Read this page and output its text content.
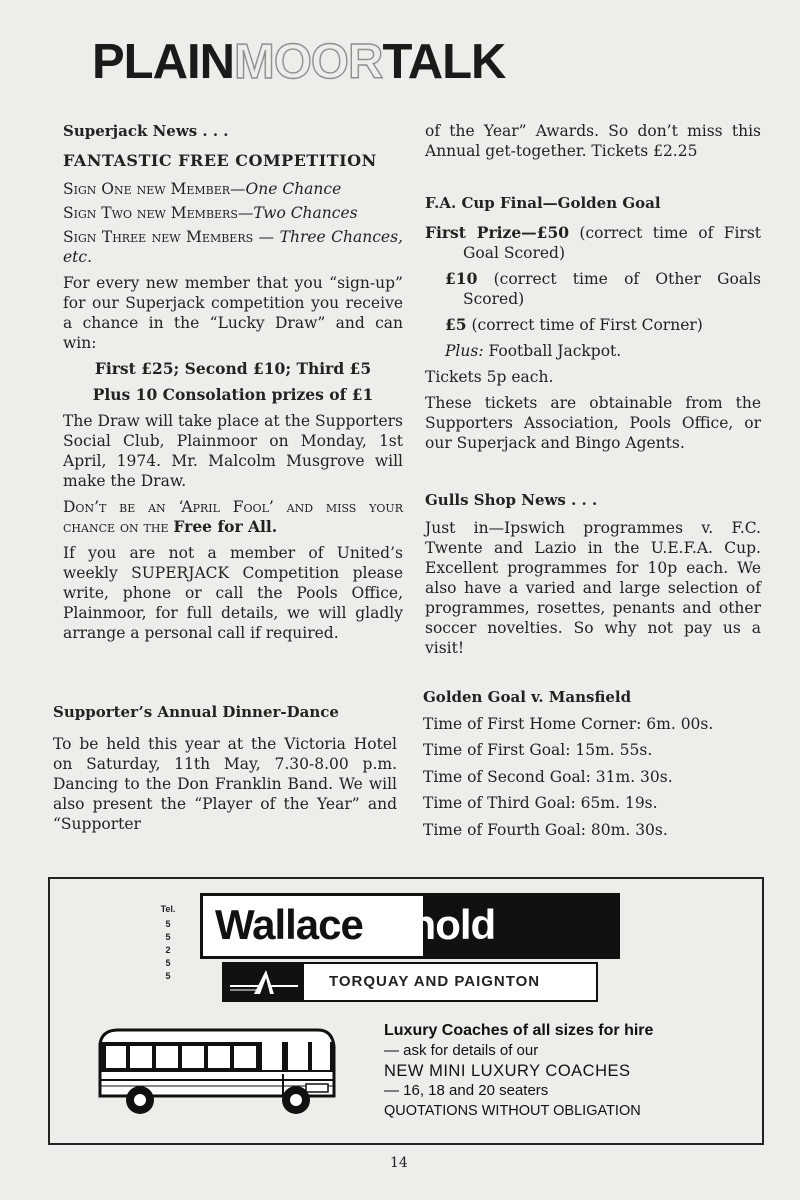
PLAINMOORTALK

Superjack News . . .

FANTASTIC FREE COMPETITION

Sign One new Member—One Chance

Sign Two new Members—Two Chances

Sign Three new Members — Three Chances, etc.

For every new member that you “sign-up” for our Superjack competition you receive a chance in the “Lucky Draw” and can win:

First £25; Second £10; Third £5

Plus 10 Consolation prizes of £1

The Draw will take place at the Supporters Social Club, Plainmoor on Monday, 1st April, 1974. Mr. Malcolm Musgrove will make the Draw.

Don’t be an ‘April Fool’ and miss your chance on the Free for All.

If you are not a member of United’s weekly SUPERJACK Competition please write, phone or call the Pools Office, Plainmoor, for full details, we will gladly arrange a personal call if required.

Supporter’s Annual Dinner-Dance

To be held this year at the Victoria Hotel on Saturday, 11th May, 7.30-8.00 p.m. Dancing to the Don Franklin Band. We will also present the “Player of the Year” and “Supporter

of the Year” Awards. So don’t miss this Annual get-together. Tickets £2.25

F.A. Cup Final—Golden Goal

First Prize—£50 (correct time of First Goal Scored)

£10 (correct time of Other Goals Scored)

£5 (correct time of First Corner)

Plus: Football Jackpot.

Tickets 5p each.

These tickets are obtainable from the Supporters Association, Pools Office, or our Superjack and Bingo Agents.

Gulls Shop News . . .

Just in—Ipswich programmes v. F.C. Twente and Lazio in the U.E.F.A. Cup. Excellent programmes for 10p each. We also have a varied and large selection of programmes, rosettes, penants and other soccer novelties. So why not pay us a visit!

Golden Goal v. Mansfield

Time of First Home Corner: 6m. 00s.

Time of First Goal: 15m. 55s.

Time of Second Goal: 31m. 30s.

Time of Third Goal: 65m. 19s.

Time of Fourth Goal: 80m. 30s.

Tel.
5
5
2
5
5
WallaceArnold
TORQUAY AND PAIGNTON
Luxury Coaches of all sizes for hire
— ask for details of our
NEW MINI LUXURY COACHES
— 16, 18 and 20 seaters
QUOTATIONS WITHOUT OBLIGATION
14
